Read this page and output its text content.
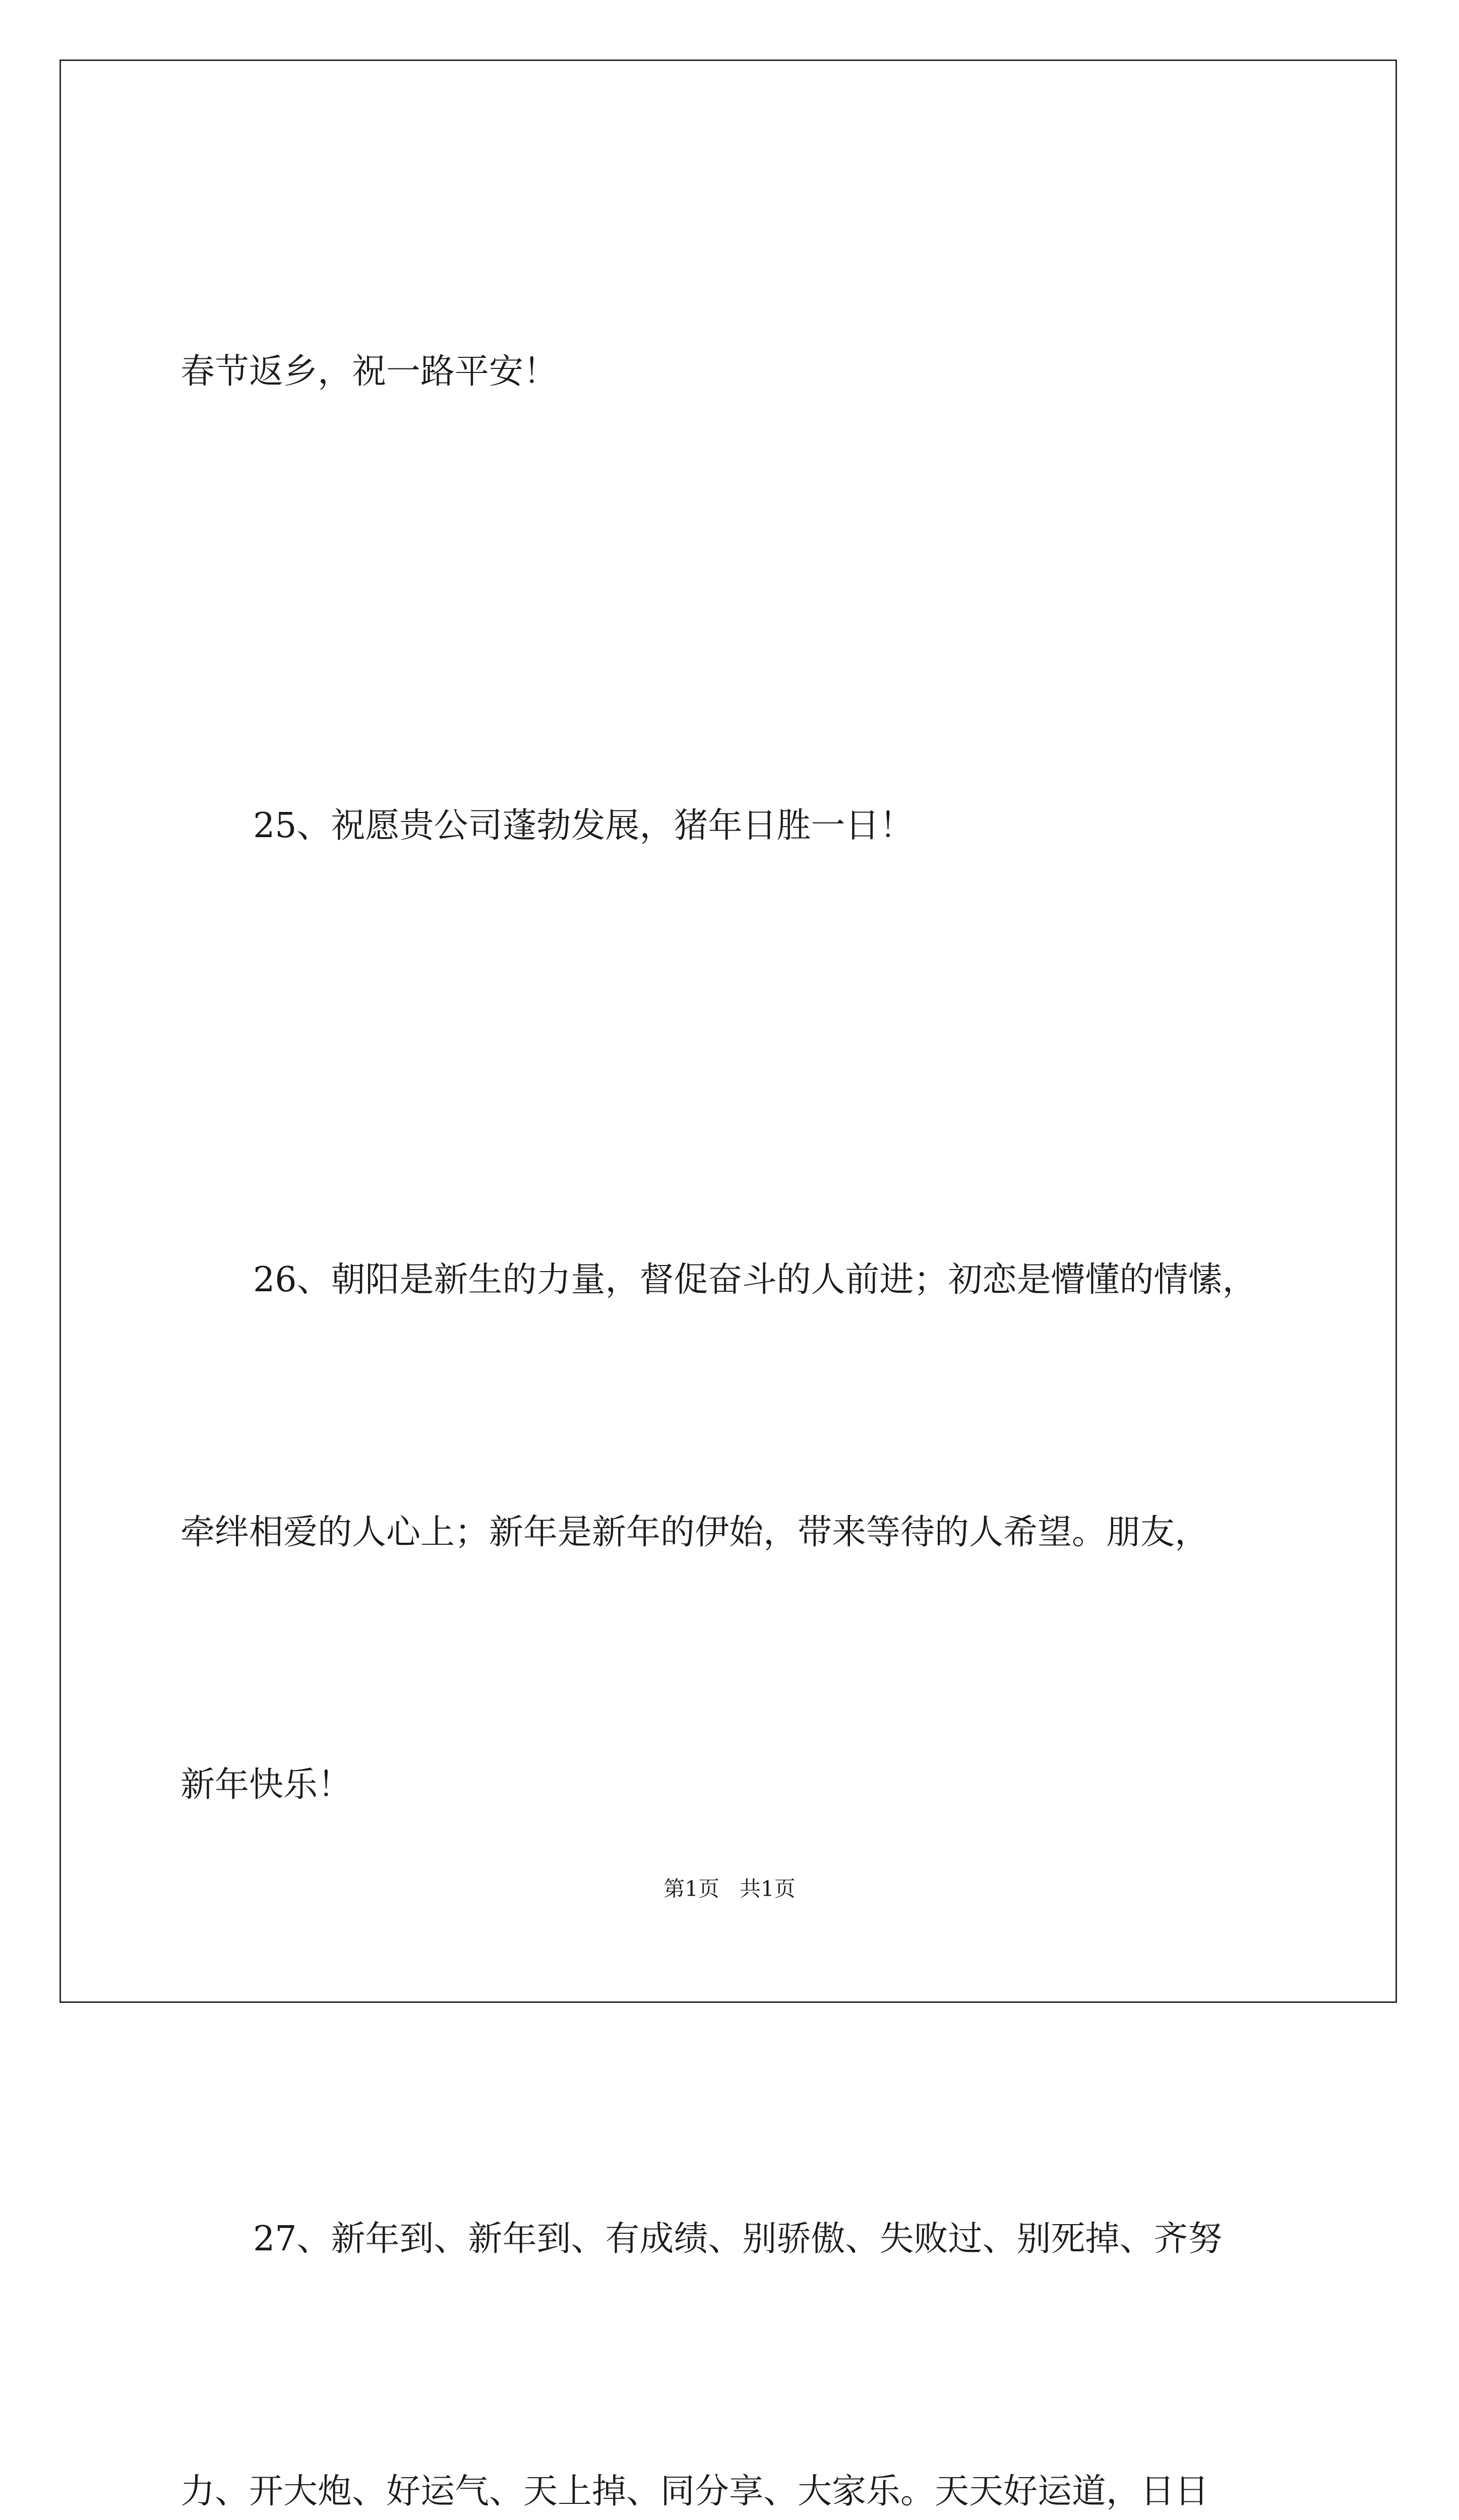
春节返乡，祝一路平安！

25、祝愿贵公司蓬勃发展，猪年日胜一日！

26、朝阳是新生的力量，督促奋斗的人前进；初恋是懵懂的情愫，

牵绊相爱的人心上；新年是新年的伊始，带来等待的人希望。朋友，

新年快乐！

27、新年到、新年到、有成绩、别骄傲、失败过、别死掉、齐努

力、开大炮、好运气、天上掉、同分享、大家乐。天天好运道，日日

第1页   共1页
